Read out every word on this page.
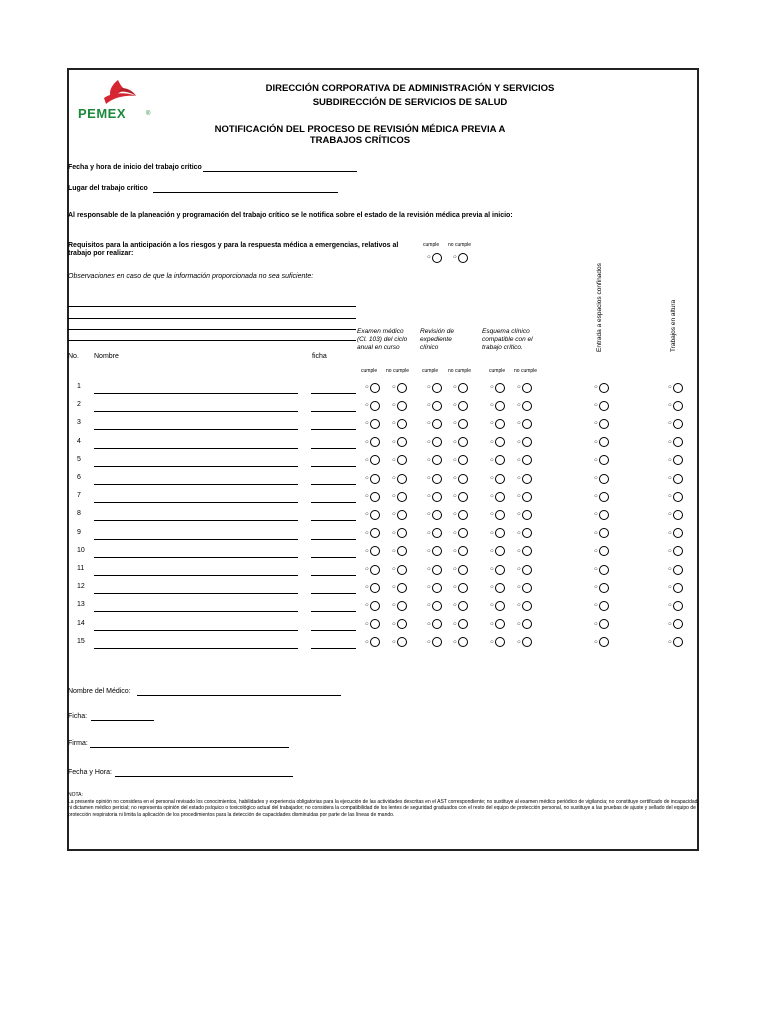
PEMEX	®
DIRECCIÓN CORPORATIVA DE ADMINISTRACIÓN Y SERVICIOS
SUBDIRECCIÓN DE SERVICIOS DE SALUD
NOTIFICACIÓN DEL PROCESO DE REVISIÓN MÉDICA PREVIA A
TRABAJOS CRÍTICOS
Fecha y hora de inicio del trabajo crítico
Lugar del trabajo crítico
Al responsable de la planeación y programación del trabajo crítico se le notifica sobre el estado de la revisión médica previa al inicio:
Requisitos para la anticipación a los riesgos y para la respuesta médica a emergencias, relativos al
trabajo por realizar:
cumple no cumple
○	○
Observaciones en caso de que la información proporcionada no sea suficiente:
Examen médico
(Cl. 103) del ciclo
anual en curso
Revisión de
expediente
clínico
Esquema clínico
compatible con el
trabajo crítico.	Entrada a espacios confinados	Trabajos en altura
No. Nombre	ficha
cumple no cumple	cumple no cumple	cumple no cumple
1	○	○	○	○	○	○	○	○
2	○	○	○	○	○	○	○	○
3	○	○	○	○	○	○	○	○
4	○	○	○	○	○	○	○	○
5	○	○	○	○	○	○	○	○
6	○	○	○	○	○	○	○	○
7	○	○	○	○	○	○	○	○
8	○	○	○	○	○	○	○	○
9	○	○	○	○	○	○	○	○
10	○	○	○	○	○	○	○	○
11	○	○	○	○	○	○	○	○
12	○	○	○	○	○	○	○	○
13	○	○	○	○	○	○	○	○
14	○	○	○	○	○	○	○	○
15	○	○	○	○	○	○	○	○
Nombre del Médico:
Ficha:
Firma:
Fecha y Hora:
NOTA:
La presente opinión no considera en el personal revisado los conocimientos, habilidades y experiencia obligatorias para la ejecución de las actividades descritas en el AST correspondiente; no sustituye al examen médico periódico de vigilancia; no constituye certificado de incapacidad ni dictamen médico pericial; no representa opinión del estado psíquico o toxicológico actual del trabajador; no considera la compatibilidad de los lentes de seguridad graduados con el resto del equipo de protección personal, no sustituye a las pruebas de ajuste y sellado del equipo de protección respiratoria ni limita la aplicación de los procedimientos para la detección de capacidades disminuidas por parte de las líneas de mando.
